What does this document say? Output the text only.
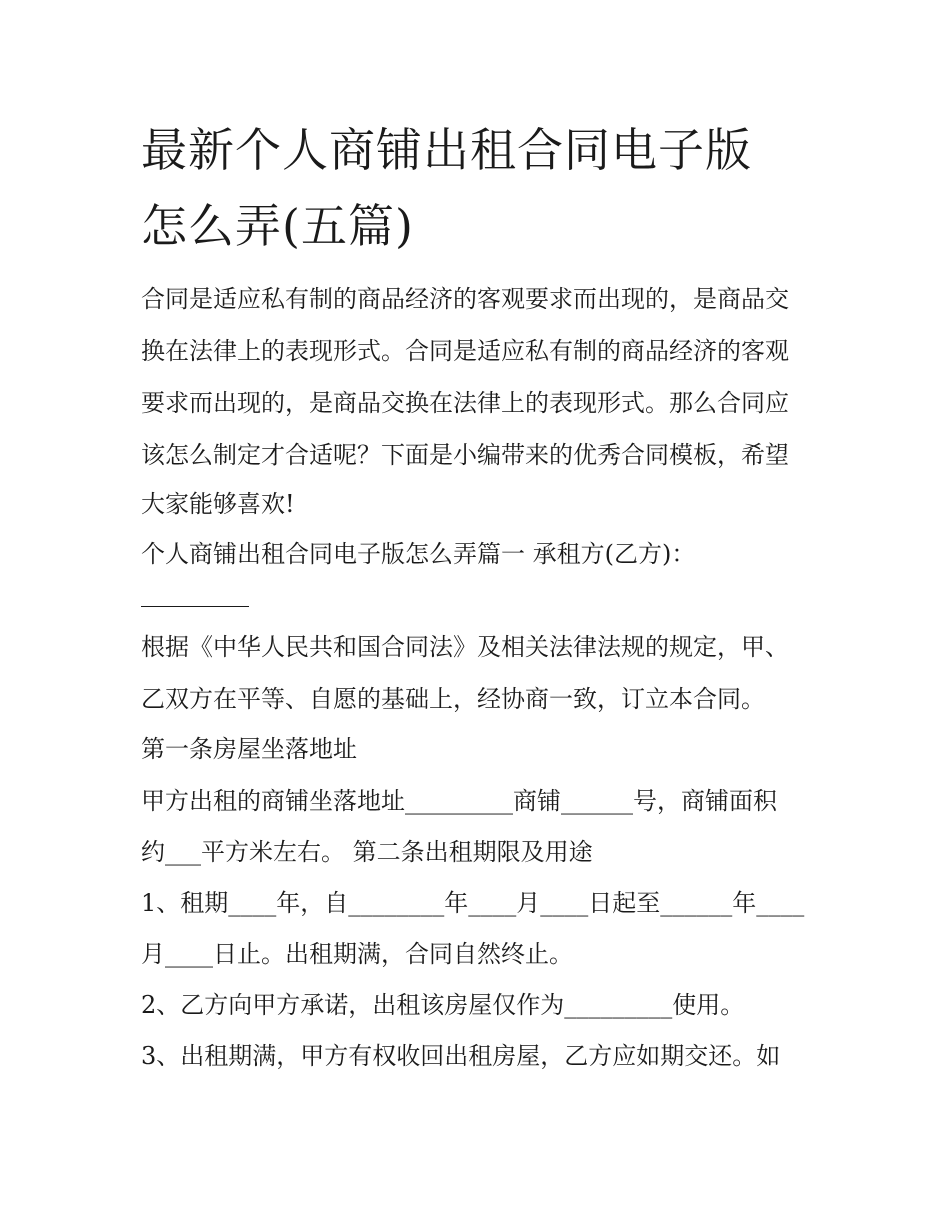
最新个人商铺出租合同电子版
怎么弄(五篇)

合同是适应私有制的商品经济的客观要求而出现的，是商品交

换在法律上的表现形式。合同是适应私有制的商品经济的客观

要求而出现的，是商品交换在法律上的表现形式。那么合同应

该怎么制定才合适呢？下面是小编带来的优秀合同模板，希望

大家能够喜欢!

个人商铺出租合同电子版怎么弄篇一 承租方(乙方)：

根据《中华人民共和国合同法》及相关法律法规的规定，甲、

乙双方在平等、自愿的基础上，经协商一致，订立本合同。

第一条房屋坐落地址

甲方出租的商铺坐落地址_________商铺______号，商铺面积

约___平方米左右。 第二条出租期限及用途

1、租期____年，自________年____月____日起至______年____

月____日止。出租期满，合同自然终止。

2、乙方向甲方承诺，出租该房屋仅作为_________使用。

3、出租期满，甲方有权收回出租房屋，乙方应如期交还。如
